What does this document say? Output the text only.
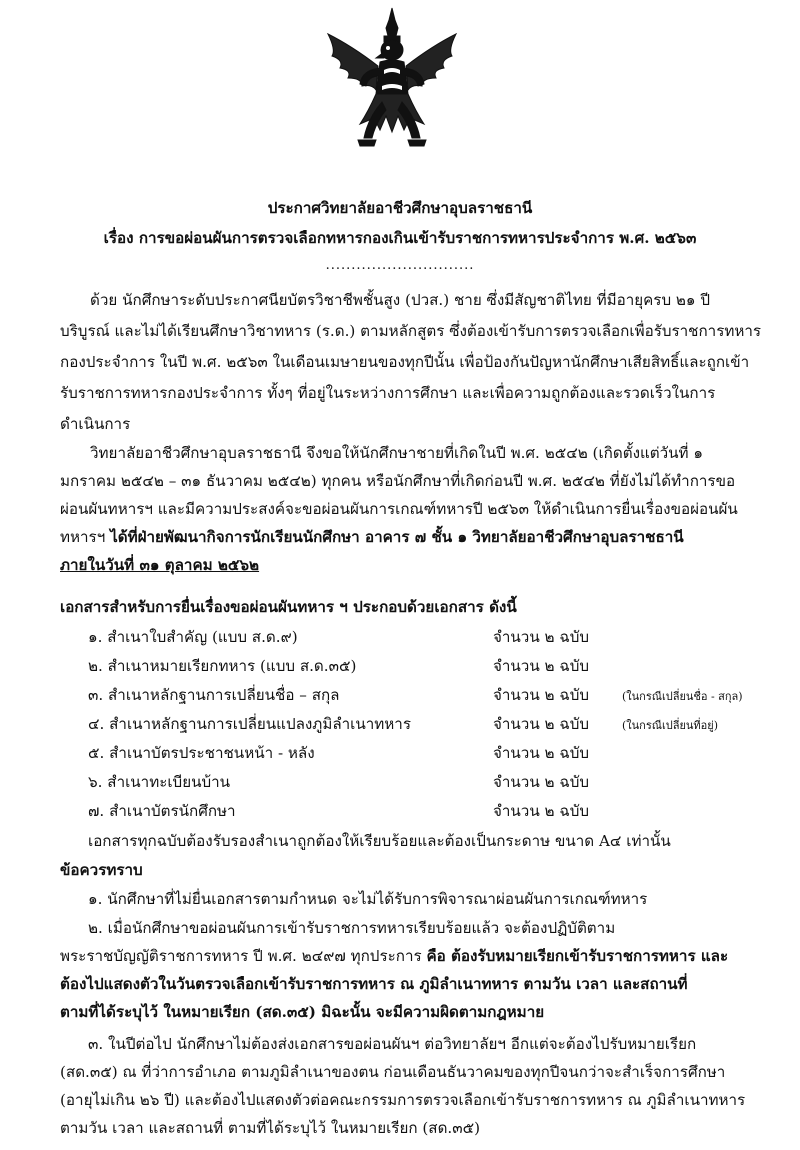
ประกาศวิทยาลัยอาชีวศึกษาอุบลราชธานี
เรื่อง การขอผ่อนผันการตรวจเลือกทหารกองเกินเข้ารับราชการทหารประจำการ พ.ศ. ๒๕๖๓
.............................
ด้วย นักศึกษาระดับประกาศนียบัตรวิชาชีพชั้นสูง (ปวส.) ชาย ซึ่งมีสัญชาติไทย ที่มีอายุครบ ๒๑ ปี
บริบูรณ์ และไม่ได้เรียนศึกษาวิชาทหาร (ร.ด.) ตามหลักสูตร ซึ่งต้องเข้ารับการตรวจเลือกเพื่อรับราชการทหาร
กองประจำการ ในปี พ.ศ. ๒๕๖๓ ในเดือนเมษายนของทุกปีนั้น เพื่อป้องกันปัญหานักศึกษาเสียสิทธิ์และถูกเข้า
รับราชการทหารกองประจำการ ทั้งๆ ที่อยู่ในระหว่างการศึกษา และเพื่อความถูกต้องและรวดเร็วในการ
ดำเนินการ
วิทยาลัยอาชีวศึกษาอุบลราชธานี จึงขอให้นักศึกษาชายที่เกิดในปี พ.ศ. ๒๕๔๒ (เกิดตั้งแต่วันที่ ๑
มกราคม ๒๕๔๒ – ๓๑ ธันวาคม ๒๕๔๒) ทุกคน หรือนักศึกษาที่เกิดก่อนปี พ.ศ. ๒๕๔๒ ที่ยังไม่ได้ทำการขอ
ผ่อนผันทหารฯ และมีความประสงค์จะขอผ่อนผันการเกณฑ์ทหารปี ๒๕๖๓ ให้ดำเนินการยื่นเรื่องขอผ่อนผัน
ทหารฯ ได้ที่ฝ่ายพัฒนากิจการนักเรียนนักศึกษา อาคาร ๗ ชั้น ๑ วิทยาลัยอาชีวศึกษาอุบลราชธานี
ภายในวันที่ ๓๑ ตุลาคม ๒๕๖๒
เอกสารสำหรับการยื่นเรื่องขอผ่อนผันทหาร ฯ ประกอบด้วยเอกสาร ดังนี้
๑. สำเนาใบสำคัญ (แบบ ส.ด.๙)	จำนวน ๒ ฉบับ
๒. สำเนาหมายเรียกทหาร (แบบ ส.ด.๓๕)	จำนวน ๒ ฉบับ
๓. สำเนาหลักฐานการเปลี่ยนชื่อ – สกุล	จำนวน ๒ ฉบับ	(ในกรณีเปลี่ยนชื่อ - สกุล)
๔. สำเนาหลักฐานการเปลี่ยนแปลงภูมิลำเนาทหาร	จำนวน ๒ ฉบับ	(ในกรณีเปลี่ยนที่อยู่)
๕. สำเนาบัตรประชาชนหน้า - หลัง	จำนวน ๒ ฉบับ
๖. สำเนาทะเบียนบ้าน	จำนวน ๒ ฉบับ
๗. สำเนาบัตรนักศึกษา	จำนวน ๒ ฉบับ
เอกสารทุกฉบับต้องรับรองสำเนาถูกต้องให้เรียบร้อยและต้องเป็นกระดาษ ขนาด A๔ เท่านั้น
ข้อควรทราบ
๑. นักศึกษาที่ไม่ยื่นเอกสารตามกำหนด จะไม่ได้รับการพิจารณาผ่อนผันการเกณฑ์ทหาร
๒. เมื่อนักศึกษาขอผ่อนผันการเข้ารับราชการทหารเรียบร้อยแล้ว จะต้องปฏิบัติตาม
พระราชบัญญัติราชการทหาร ปี พ.ศ. ๒๔๙๗ ทุกประการ คือ ต้องรับหมายเรียกเข้ารับราชการทหาร และ
ต้องไปแสดงตัวในวันตรวจเลือกเข้ารับราชการทหาร ณ ภูมิลำเนาทหาร ตามวัน เวลา และสถานที่
ตามที่ได้ระบุไว้ ในหมายเรียก (สด.๓๕) มิฉะนั้น จะมีความผิดตามกฎหมาย
๓. ในปีต่อไป นักศึกษาไม่ต้องส่งเอกสารขอผ่อนผันฯ ต่อวิทยาลัยฯ อีกแต่จะต้องไปรับหมายเรียก
(สด.๓๕) ณ ที่ว่าการอำเภอ ตามภูมิลำเนาของตน ก่อนเดือนธันวาคมของทุกปีจนกว่าจะสำเร็จการศึกษา
(อายุไม่เกิน ๒๖ ปี) และต้องไปแสดงตัวต่อคณะกรรมการตรวจเลือกเข้ารับราชการทหาร ณ ภูมิลำเนาทหาร
ตามวัน เวลา และสถานที่ ตามที่ได้ระบุไว้ ในหมายเรียก (สด.๓๕)
